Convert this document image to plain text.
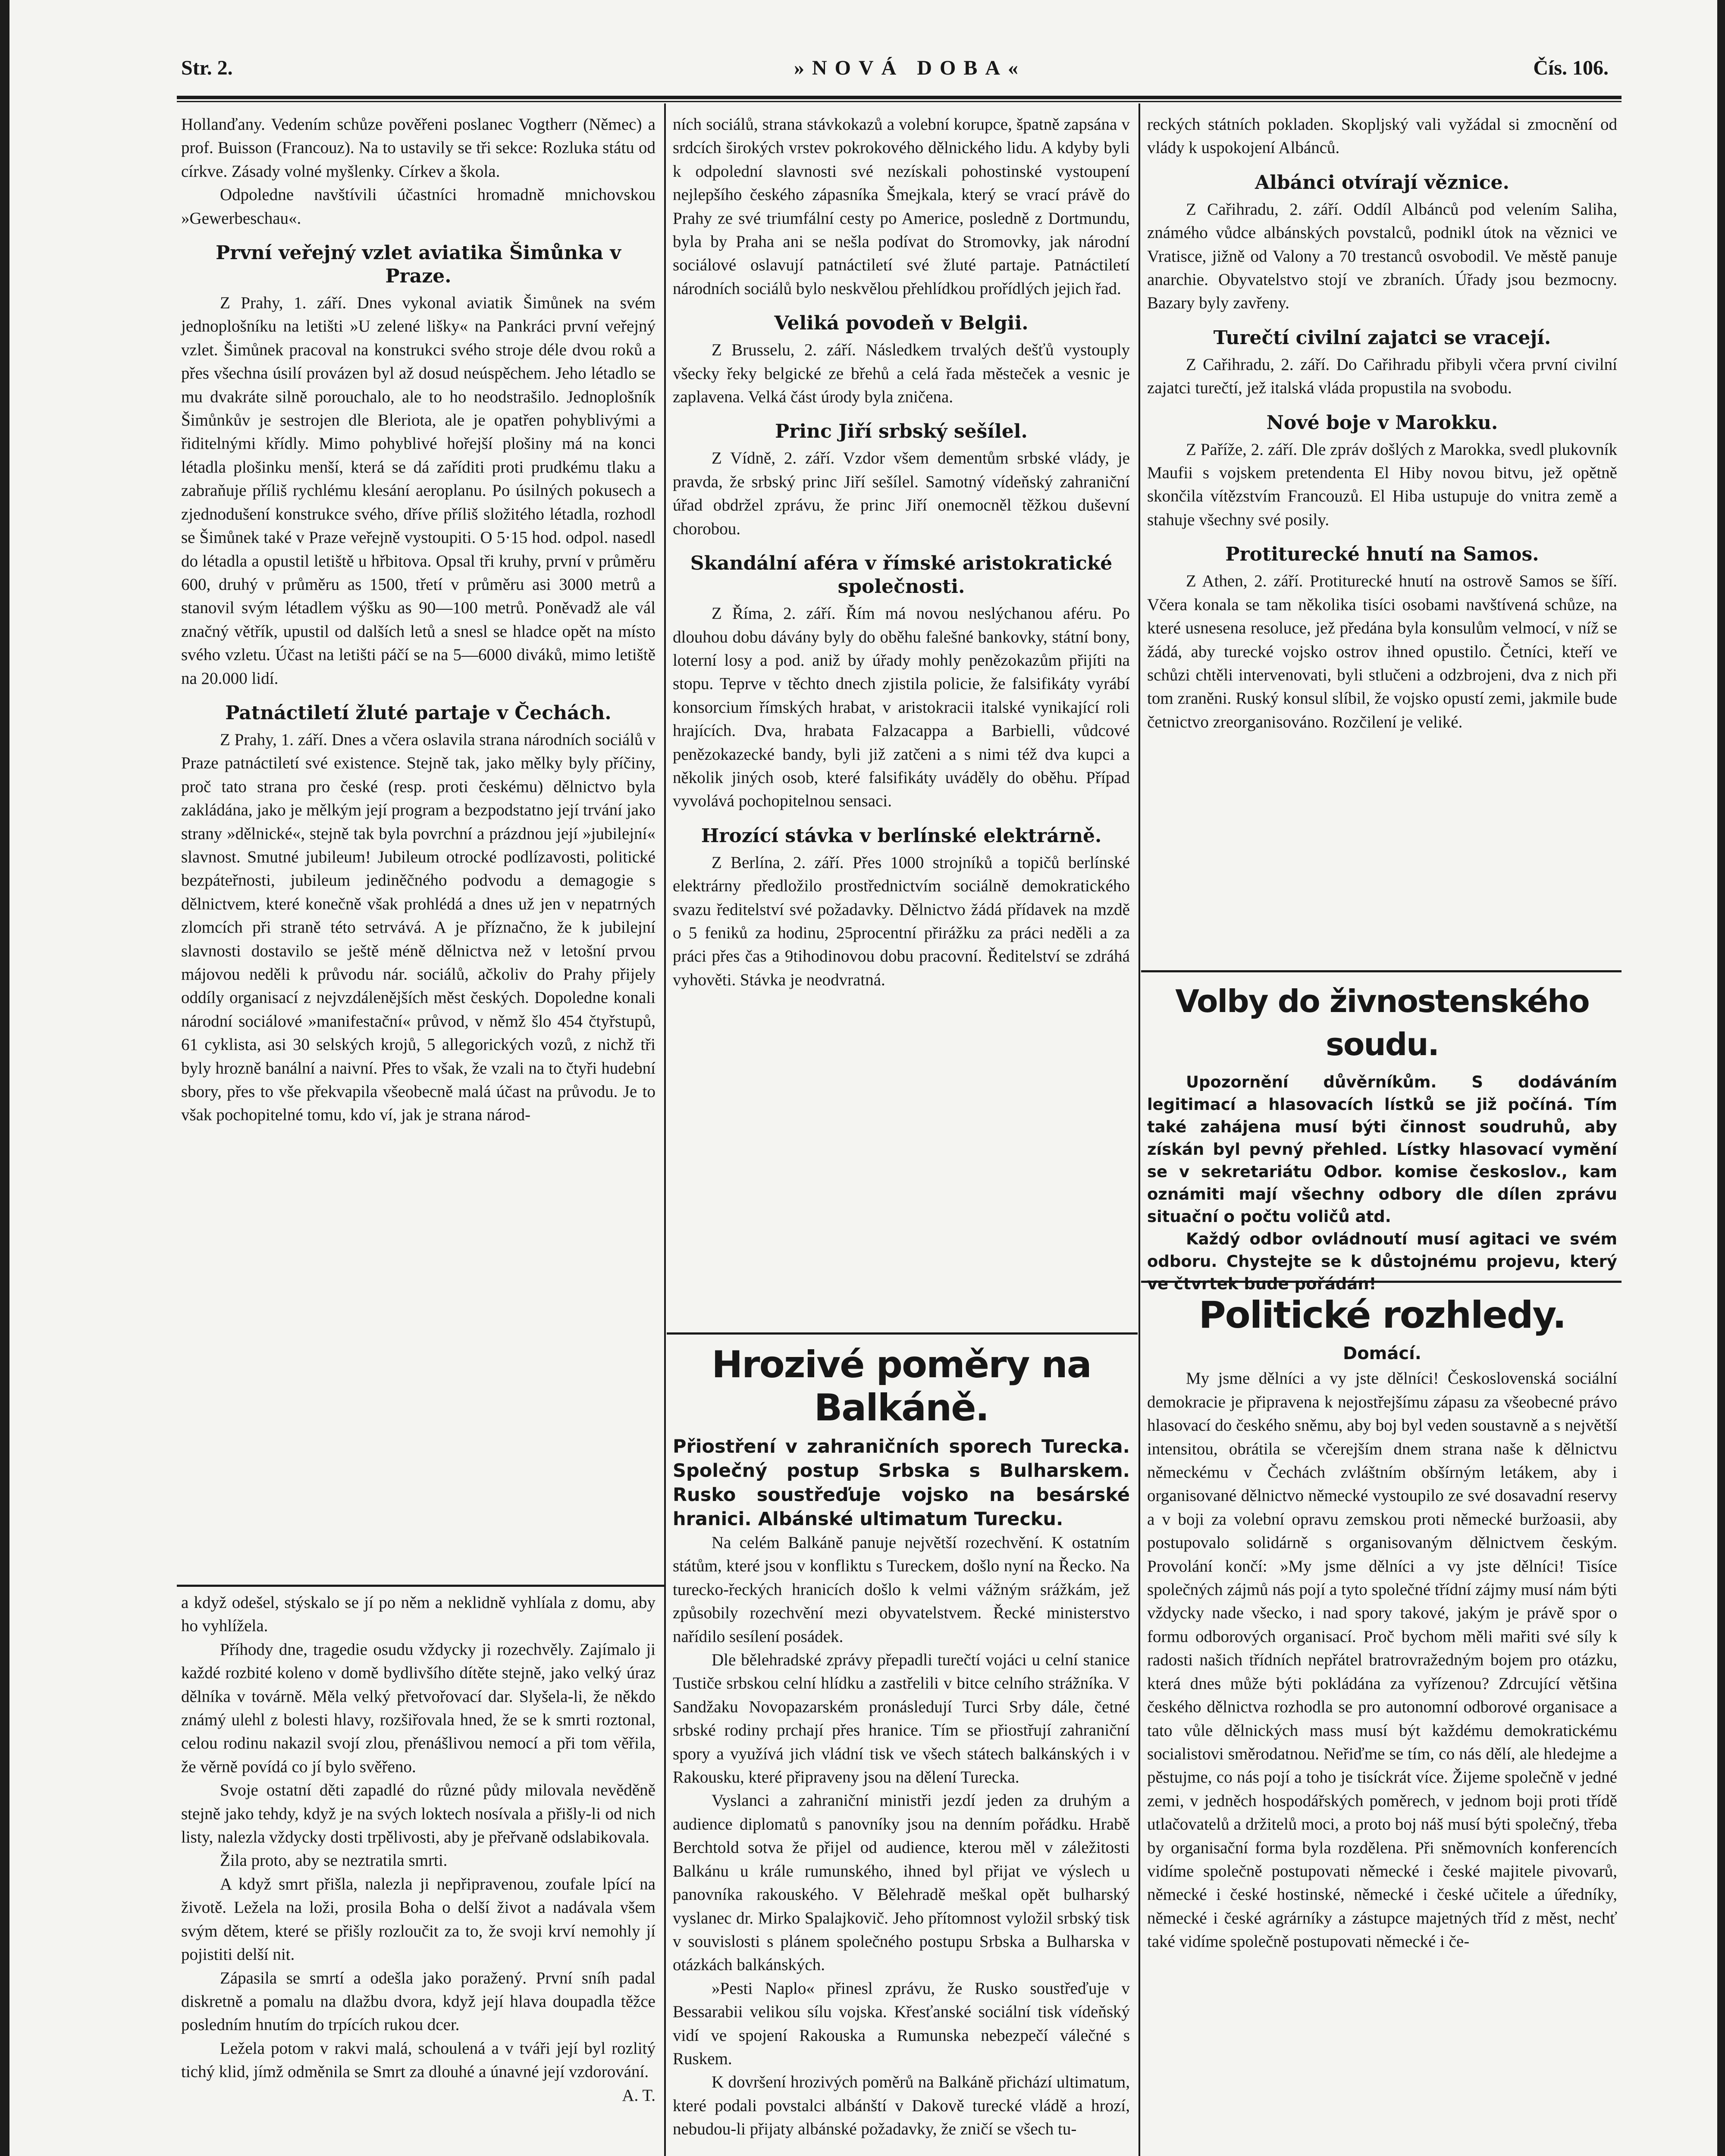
Str. 2.	»NOVÁ DOBA«	Čís. 106.

Hollanďany. Vedením schůze pověřeni poslanec Vogtherr (Němec) a prof. Buisson (Francouz). Na to ustavily se tři sekce: Rozluka státu od církve. Zásady volné myšlenky. Církev a škola.

Odpoledne navštívili účastníci hromadně mnichovskou »Gewerbeschau«.

První veřejný vzlet aviatika Šimůnka v Praze.

Z Prahy, 1. září. Dnes vykonal aviatik Šimůnek na svém jednoplošníku na letišti »U zelené lišky« na Pankráci první veřejný vzlet. Šimůnek pracoval na konstrukci svého stroje déle dvou roků a přes všechna úsilí provázen byl až dosud neúspěchem. Jeho létadlo se mu dvakráte silně porouchalo, ale to ho neodstrašilo. Jednoplošník Šimůnkův je sestrojen dle Bleriota, ale je opatřen pohyblivými a řiditelnými křídly. Mimo pohyblivé hořejší plošiny má na konci létadla plošinku menší, která se dá zaříditi proti prudkému tlaku a zabraňuje příliš rychlému klesání aeroplanu. Po úsilných pokusech a zjednodušení konstrukce svého, dříve příliš složitého létadla, rozhodl se Šimůnek také v Praze veřejně vystoupiti. O 5·15 hod. odpol. nasedl do létadla a opustil letiště u hřbitova. Opsal tři kruhy, první v průměru 600, druhý v průměru as 1500, třetí v průměru asi 3000 metrů a stanovil svým létadlem výšku as 90—100 metrů. Poněvadž ale vál značný větřík, upustil od dalších letů a snesl se hladce opět na místo svého vzletu. Účast na letišti páčí se na 5—6000 diváků, mimo letiště na 20.000 lidí.

Patnáctiletí žluté partaje v Čechách.

Z Prahy, 1. září. Dnes a včera oslavila strana národních sociálů v Praze patnáctiletí své existence. Stejně tak, jako mělky byly příčiny, proč tato strana pro české (resp. proti českému) dělnictvo byla zakládána, jako je mělkým její program a bezpodstatno její trvání jako strany »dělnické«, stejně tak byla povrchní a prázdnou její »jubilejní« slavnost. Smutné jubileum! Jubileum otrocké podlízavosti, politické bezpáteřnosti, jubileum jediněčného podvodu a demagogie s dělnictvem, které konečně však prohlédá a dnes už jen v nepatrných zlomcích při straně této setrvává. A je příznačno, že k jubilejní slavnosti dostavilo se ještě méně dělnictva než v letošní prvou májovou neděli k průvodu nár. sociálů, ačkoliv do Prahy přijely oddíly organisací z nejvzdálenějších měst českých. Dopoledne konali národní sociálové »manifestační« průvod, v němž šlo 454 čtyřstupů, 61 cyklista, asi 30 selských krojů, 5 allegorických vozů, z nichž tři byly hrozně banální a naivní. Přes to však, že vzali na to čtyři hudební sbory, přes to vše překvapila všeobecně malá účast na průvodu. Je to však pochopitelné tomu, kdo ví, jak je strana národ-

a když odešel, stýskalo se jí po něm a neklidně vyhlíala z domu, aby ho vyhlížela.

Příhody dne, tragedie osudu vždycky ji rozechvěly. Zajímalo ji každé rozbité koleno v domě bydlivšího dítěte stejně, jako velký úraz dělníka v továrně. Měla velký přetvořovací dar. Slyšela-li, že někdo známý ulehl z bolesti hlavy, rozšiřovala hned, že se k smrti roztonal, celou rodinu nakazil svojí zlou, přenášlivou nemocí a při tom věřila, že věrně povídá co jí bylo svěřeno.

Svoje ostatní děti zapadlé do různé půdy milovala nevěděně stejně jako tehdy, když je na svých loktech nosívala a přišly-li od nich listy, nalezla vždycky dosti trpělivosti, aby je přeřvaně odslabikovala.

Žila proto, aby se neztratila smrti.

A když smrt přišla, nalezla ji nepřipravenou, zoufale lpící na životě. Ležela na loži, prosila Boha o delší život a nadávala všem svým dětem, které se přišly rozloučit za to, že svoji krví nemohly jí pojistiti delší nit.

Zápasila se smrtí a odešla jako poražený. První sníh padal diskretně a pomalu na dlažbu dvora, když její hlava doupadla těžce posledním hnutím do trpících rukou dcer.

Ležela potom v rakvi malá, schoulená a v tváři její byl rozlitý tichý klid, jímž odměnila se Smrt za dlouhé a únavné její vzdorování.

A. T.

ních sociálů, strana stávkokazů a volební korupce, špatně zapsána v srdcích širokých vrstev pokrokového dělnického lidu. A kdyby byli k odpolední slavnosti své nezískali pohostinské vystoupení nejlepšího českého zápasníka Šmejkala, který se vrací právě do Prahy ze své triumfální cesty po Americe, posledně z Dortmundu, byla by Praha ani se nešla podívat do Stromovky, jak národní sociálové oslavují patnáctiletí své žluté partaje. Patnáctiletí národních sociálů bylo neskvělou přehlídkou prořídlých jejich řad.

Veliká povodeň v Belgii.

Z Brusselu, 2. září. Následkem trvalých dešťů vystouply všecky řeky belgické ze břehů a celá řada městeček a vesnic je zaplavena. Velká část úrody byla zničena.

Princ Jiří srbský sešílel.

Z Vídně, 2. září. Vzdor všem dementům srbské vlády, je pravda, že srbský princ Jiří sešílel. Samotný vídeňský zahraniční úřad obdržel zprávu, že princ Jiří onemocněl těžkou duševní chorobou.

Skandální aféra v římské aristokratické společnosti.

Z Říma, 2. září. Řím má novou neslýchanou aféru. Po dlouhou dobu dávány byly do oběhu falešné bankovky, státní bony, loterní losy a pod. aniž by úřady mohly penězokazům přijíti na stopu. Teprve v těchto dnech zjistila policie, že falsifikáty vyrábí konsorcium římských hrabat, v aristokracii italské vynikající roli hrajících. Dva, hrabata Falzacappa a Barbielli, vůdcové penězokazecké bandy, byli již zatčeni a s nimi též dva kupci a několik jiných osob, které falsifikáty uváděly do oběhu. Případ vyvolává pochopitelnou sensaci.

Hrozící stávka v berlínské elektrárně.

Z Berlína, 2. září. Přes 1000 strojníků a topičů berlínské elektrárny předložilo prostřednictvím sociálně demokratického svazu ředitelství své požadavky. Dělnictvo žádá přídavek na mzdě o 5 feniků za hodinu, 25procentní přirážku za práci neděli a za práci přes čas a 9tihodinovou dobu pracovní. Ředitelství se zdráhá vyhověti. Stávka je neodvratná.

Hrozivé poměry na Balkáně.

Přiostření v zahraničních sporech Turecka. Společný postup Srbska s Bulharskem. Rusko soustřeďuje vojsko na besárské hranici. Albánské ultimatum Turecku.

Na celém Balkáně panuje největší rozechvění. K ostatním státům, které jsou v konfliktu s Tureckem, došlo nyní na Řecko. Na turecko-řeckých hranicích došlo k velmi vážným srážkám, jež způsobily rozechvění mezi obyvatelstvem. Řecké ministerstvo nařídilo sesílení posádek.

Dle bělehradské zprávy přepadli turečtí vojáci u celní stanice Tustiče srbskou celní hlídku a zastřelili v bitce celního strážníka. V Sandžaku Novopazarském pronásledují Turci Srby dále, četné srbské rodiny prchají přes hranice. Tím se přiostřují zahraniční spory a využívá jich vládní tisk ve všech státech balkánských i v Rakousku, které připraveny jsou na dělení Turecka.

Vyslanci a zahraniční ministři jezdí jeden za druhým a audience diplomatů s panovníky jsou na denním pořádku. Hrabě Berchtold sotva že přijel od audience, kterou měl v záležitosti Balkánu u krále rumunského, ihned byl přijat ve výslech u panovníka rakouského. V Bělehradě meškal opět bulharský vyslanec dr. Mirko Spalajkovič. Jeho přítomnost vyložil srbský tisk v souvislosti s plánem společného postupu Srbska a Bulharska v otázkách balkánských.

»Pesti Naplo« přinesl zprávu, že Rusko soustřeďuje v Bessarabii velikou sílu vojska. Křesťanské sociální tisk vídeňský vidí ve spojení Rakouska a Rumunska nebezpečí válečné s Ruskem.

K dovršení hrozivých poměrů na Balkáně přichází ultimatum, které podali povstalci albánští v Dakově turecké vládě a hrozí, nebudou-li přijaty albánské požadavky, že zničí se všech tu-

reckých státních pokladen. Skopljský vali vyžádal si zmocnění od vlády k uspokojení Albánců.

Albánci otvírají věznice.

Z Cařihradu, 2. září. Oddíl Albánců pod velením Saliha, známého vůdce albánských povstalců, podnikl útok na věznici ve Vratisce, jižně od Valony a 70 trestanců osvobodil. Ve městě panuje anarchie. Obyvatelstvo stojí ve zbraních. Úřady jsou bezmocny. Bazary byly zavřeny.

Turečtí civilní zajatci se vracejí.

Z Cařihradu, 2. září. Do Cařihradu přibyli včera první civilní zajatci turečtí, jež italská vláda propustila na svobodu.

Nové boje v Marokku.

Z Paříže, 2. září. Dle zpráv došlých z Marokka, svedl plukovník Maufii s vojskem pretendenta El Hiby novou bitvu, jež opětně skončila vítězstvím Francouzů. El Hiba ustupuje do vnitra země a stahuje všechny své posily.

Protiturecké hnutí na Samos.

Z Athen, 2. září. Protiturecké hnutí na ostrově Samos se šíří. Včera konala se tam několika tisíci osobami navštívená schůze, na které usnesena resoluce, jež předána byla konsulům velmocí, v níž se žádá, aby turecké vojsko ostrov ihned opustilo. Četníci, kteří ve schůzi chtěli intervenovati, byli stlučeni a odzbrojeni, dva z nich při tom zraněni. Ruský konsul slíbil, že vojsko opustí zemi, jakmile bude četnictvo zreorganisováno. Rozčilení je veliké.

Volby do živnostenského soudu.

Upozornění důvěrníkům. S dodáváním legitimací a hlasovacích lístků se již počíná. Tím také zahájena musí býti činnost soudruhů, aby získán byl pevný přehled. Lístky hlasovací vymění se v sekretariátu Odbor. komise českoslov., kam oznámiti mají všechny odbory dle dílen zprávu situační o počtu voličů atd.

Každý odbor ovládnoutí musí agitaci ve svém odboru. Chystejte se k důstojnému projevu, který ve čtvrtek bude pořádán!

Politické rozhledy.
Domácí.

My jsme dělníci a vy jste dělníci! Československá sociální demokracie je připravena k nejostřejšímu zápasu za všeobecné právo hlasovací do českého sněmu, aby boj byl veden soustavně a s největší intensitou, obrátila se včerejším dnem strana naše k dělnictvu německému v Čechách zvláštním obšírným letákem, aby i organisované dělnictvo německé vystoupilo ze své dosavadní reservy a v boji za volební opravu zemskou proti německé buržoasii, aby postupovalo solidárně s organisovaným dělnictvem českým. Provolání končí: »My jsme dělníci a vy jste dělníci! Tisíce společných zájmů nás pojí a tyto společné třídní zájmy musí nám býti vždycky nade všecko, i nad spory takové, jakým je právě spor o formu odborových organisací. Proč bychom měli mařiti své síly k radosti našich třídních nepřátel bratrovražedným bojem pro otázku, která dnes může býti pokládána za vyřízenou? Zdrcující většina českého dělnictva rozhodla se pro autonomní odborové organisace a tato vůle dělnických mass musí být každému demokratickému socialistovi směrodatnou. Neřiďme se tím, co nás dělí, ale hledejme a pěstujme, co nás pojí a toho je tisíckrát více. Žijeme společně v jedné zemi, v jedněch hospodářských poměrech, v jednom boji proti třídě utlačovatelů a držitelů moci, a proto boj náš musí býti společný, třeba by organisační forma byla rozdělena. Při sněmovních konferencích vidíme společně postupovati německé i české majitele pivovarů, německé i české hostinské, německé i české učitele a úředníky, německé i české agrárníky a zástupce majetných tříd z měst, nechť také vidíme společně postupovati německé i če-
